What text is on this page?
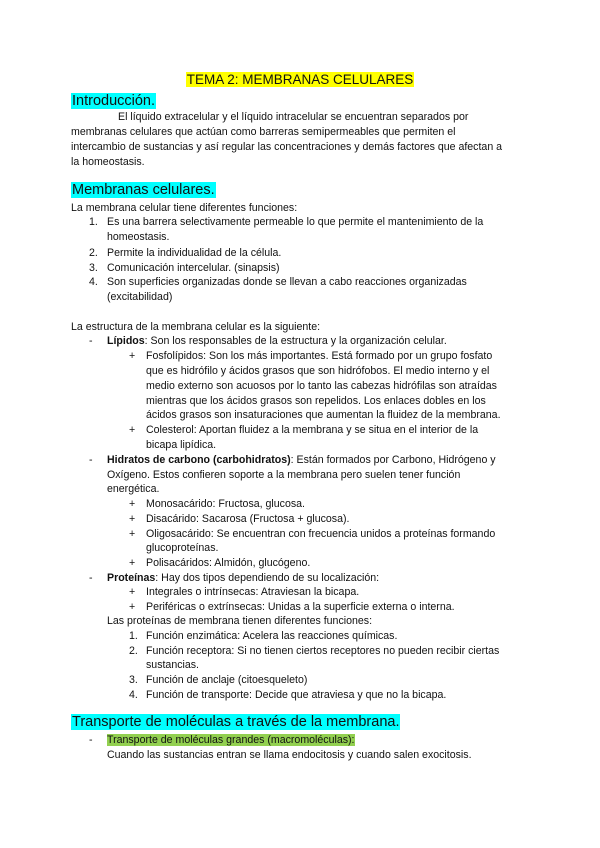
TEMA 2: MEMBRANAS CELULARES
Introducción.
El líquido extracelular y el líquido intracelular se encuentran separados por
membranas celulares que actúan como barreras semipermeables que permiten el
intercambio de sustancias y así regular las concentraciones y demás factores que afectan a
la homeostasis.
Membranas celulares.
La membrana celular tiene diferentes funciones:
1. Es una barrera selectivamente permeable lo que permite el mantenimiento de la
homeostasis.
2. Permite la individualidad de la célula.
3. Comunicación intercelular. (sinapsis)
4. Son superficies organizadas donde se llevan a cabo reacciones organizadas
(excitabilidad)
La estructura de la membrana celular es la siguiente:
- Lípidos: Son los responsables de la estructura y la organización celular.
+ Fosfolípidos: Son los más importantes. Está formado por un grupo fosfato
que es hidrófilo y ácidos grasos que son hidrófobos. El medio interno y el
medio externo son acuosos por lo tanto las cabezas hidrófilas son atraídas
mientras que los ácidos grasos son repelidos. Los enlaces dobles en los
ácidos grasos son insaturaciones que aumentan la fluidez de la membrana.
+ Colesterol: Aportan fluidez a la membrana y se situa en el interior de la
bicapa lipídica.
- Hidratos de carbono (carbohidratos): Están formados por Carbono, Hidrógeno y
Oxígeno. Estos confieren soporte a la membrana pero suelen tener función
energética.
+ Monosacárido: Fructosa, glucosa.
+ Disacárido: Sacarosa (Fructosa + glucosa).
+ Oligosacárido: Se encuentran con frecuencia unidos a proteínas formando
glucoproteínas.
+ Polisacáridos: Almidón, glucógeno.
- Proteínas: Hay dos tipos dependiendo de su localización:
+ Integrales o intrínsecas: Atraviesan la bicapa.
+ Periféricas o extrínsecas: Unidas a la superficie externa o interna.
Las proteínas de membrana tienen diferentes funciones:
1. Función enzimática: Acelera las reacciones químicas.
2. Función receptora: Si no tienen ciertos receptores no pueden recibir ciertas
sustancias.
3. Función de anclaje (citoesqueleto)
4. Función de transporte: Decide que atraviesa y que no la bicapa.
Transporte de moléculas a través de la membrana.
- Transporte de moléculas grandes (macromoléculas):
Cuando las sustancias entran se llama endocitosis y cuando salen exocitosis.
